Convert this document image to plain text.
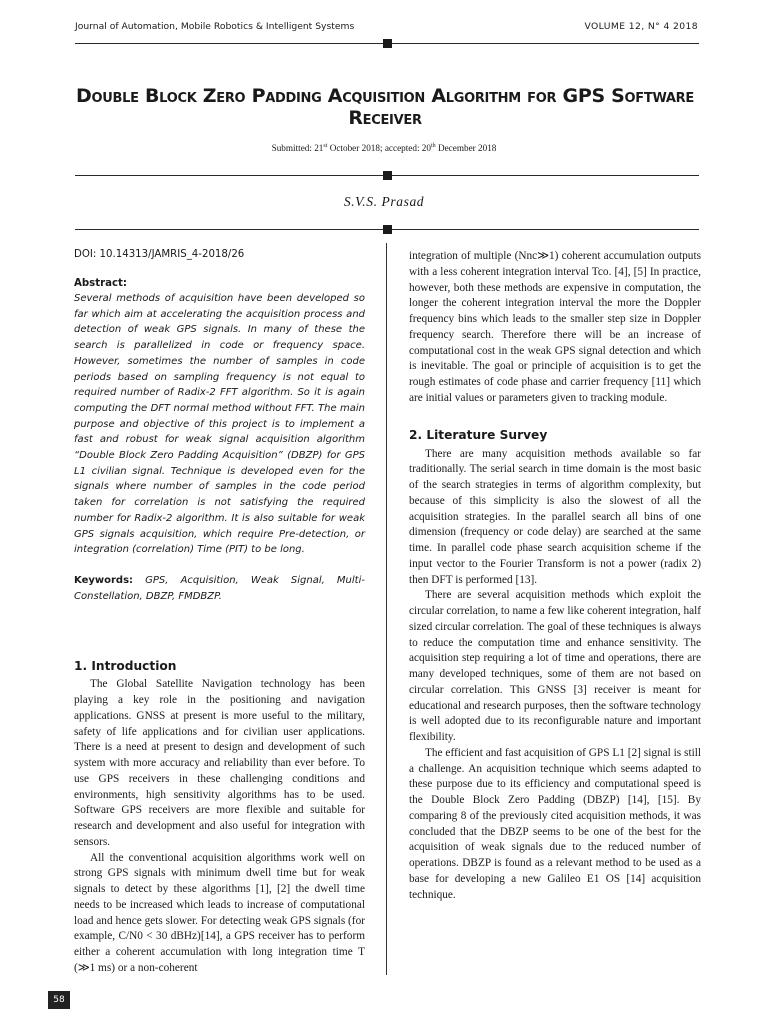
Journal of Automation, Mobile Robotics & Intelligent Systems	VOLUME 12, N° 4 2018
Double Block Zero Padding Acquisition Algorithm for GPS Software Receiver
Submitted: 21st October 2018; accepted: 20th December 2018
S.V.S. Prasad
DOI: 10.14313/JAMRIS_4-2018/26
Abstract:
Several methods of acquisition have been developed so far which aim at accelerating the acquisition process and detection of weak GPS signals. In many of these the search is parallelized in code or frequency space. However, sometimes the number of samples in code periods based on sampling frequency is not equal to required number of Radix-2 FFT algorithm. So it is again computing the DFT normal method without FFT. The main purpose and objective of this project is to implement a fast and robust for weak signal acquisition algorithm “Double Block Zero Padding Acquisition” (DBZP) for GPS L1 civilian signal. Technique is developed even for the signals where number of samples in the code period taken for correlation is not satisfying the required number for Radix-2 algorithm. It is also suitable for weak GPS signals acquisition, which require Pre-detection, or integration (correlation) Time (PIT) to be long.
Keywords: GPS, Acquisition, Weak Signal, Multi-Constellation, DBZP, FMDBZP.
1. Introduction

The Global Satellite Navigation technology has been playing a key role in the positioning and navigation applications. GNSS at present is more useful to the military, safety of life applications and for civilian user applications. There is a need at present to design and development of such system with more accuracy and reliability than ever before. To use GPS receivers in these challenging conditions and environments, high sensitivity algorithms has to be used. Software GPS receivers are more flexible and suitable for research and development and also useful for integration with sensors.

All the conventional acquisition algorithms work well on strong GPS signals with minimum dwell time but for weak signals to detect by these algorithms [1], [2] the dwell time needs to be increased which leads to increase of computational load and hence gets slower. For detecting weak GPS signals (for example, C/N0 < 30 dBHz)[14], a GPS receiver has to perform either a coherent accumulation with long integration time T (≫1 ms) or a non-coherent

integration of multiple (Nnc≫1) coherent accumulation outputs with a less coherent integration interval Tco. [4], [5] In practice, however, both these methods are expensive in computation, the longer the coherent integration interval the more the Doppler frequency bins which leads to the smaller step size in Doppler frequency search. Therefore there will be an increase of computational cost in the weak GPS signal detection and which is inevitable. The goal or principle of acquisition is to get the rough estimates of code phase and carrier frequency [11] which are initial values or parameters given to tracking module.

2. Literature Survey

There are many acquisition methods available so far traditionally. The serial search in time domain is the most basic of the search strategies in terms of algorithm complexity, but because of this simplicity is also the slowest of all the acquisition strategies. In the parallel search all bins of one dimension (frequency or code delay) are searched at the same time. In parallel code phase search acquisition scheme if the input vector to the Fourier Transform is not a power (radix 2) then DFT is performed [13].

There are several acquisition methods which exploit the circular correlation, to name a few like coherent integration, half sized circular correlation. The goal of these techniques is always to reduce the computation time and enhance sensitivity. The acquisition step requiring a lot of time and operations, there are many developed techniques, some of them are not based on circular correlation. This GNSS [3] receiver is meant for educational and research purposes, then the software technology is well adopted due to its reconfigurable nature and important flexibility.

The efficient and fast acquisition of GPS L1 [2] signal is still a challenge. An acquisition technique which seems adapted to these purpose due to its efficiency and computational speed is the Double Block Zero Padding (DBZP) [14], [15]. By comparing 8 of the previously cited acquisition methods, it was concluded that the DBZP seems to be one of the best for the acquisition of weak signals due to the reduced number of operations. DBZP is found as a relevant method to be used as a base for developing a new Galileo E1 OS [14] acquisition technique.

58
